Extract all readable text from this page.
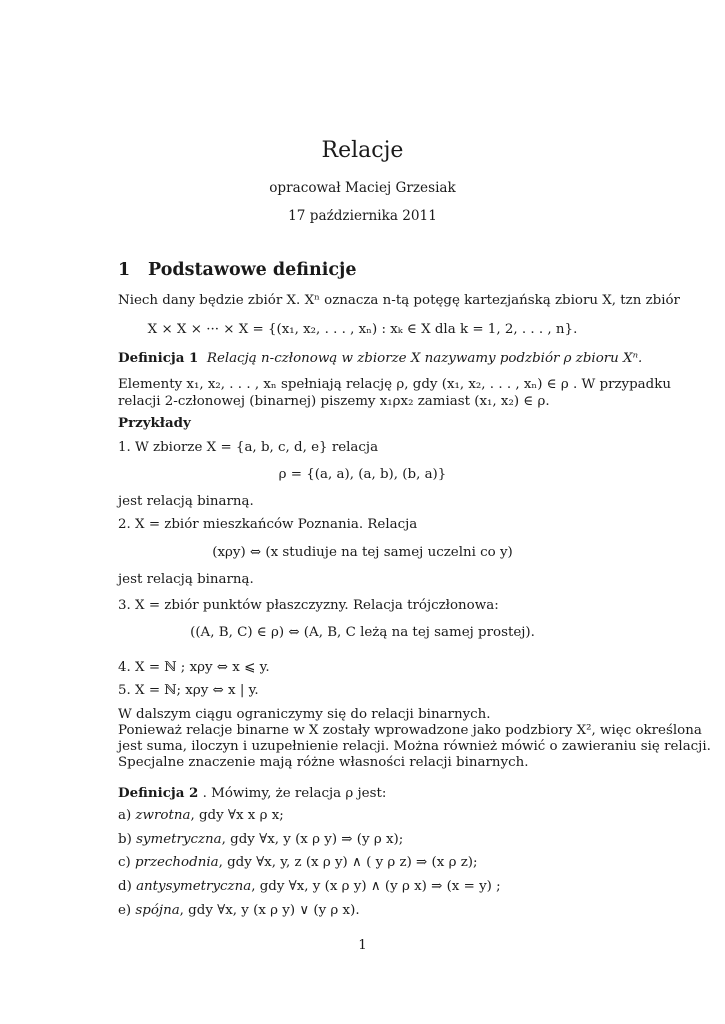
Relacje
opracował Maciej Grzesiak
17 października 2011
1 Podstawowe definicje
Niech dany będzie zbiór X. Xⁿ oznacza n-tą potęgę kartezjańską zbioru X, tzn zbiór
X × X × ··· × X = {(x₁, x₂, . . . , xₙ) : xₖ ∈ X dla k = 1, 2, . . . , n}.
Definicja 1 Relacją n-członową w zbiorze X nazywamy podzbiór ρ zbioru Xⁿ.
Elementy x₁, x₂, . . . , xₙ spełniają relację ρ, gdy (x₁, x₂, . . . , xₙ) ∈ ρ . W przypadku
relacji 2-członowej (binarnej) piszemy x₁ρx₂ zamiast (x₁, x₂) ∈ ρ.
Przykłady
1. W zbiorze X = {a, b, c, d, e} relacja
ρ = {(a, a), (a, b), (b, a)}
jest relacją binarną.
2. X = zbiór mieszkańców Poznania. Relacja
(xρy) ⇔ (x studiuje na tej samej uczelni co y)
jest relacją binarną.
3. X = zbiór punktów płaszczyzny. Relacja trójczłonowa:
((A, B, C) ∈ ρ) ⇔ (A, B, C leżą na tej samej prostej).
4. X = ℕ ; xρy ⇔ x ⩽ y.
5. X = ℕ; xρy ⇔ x | y.
W dalszym ciągu ograniczymy się do relacji binarnych.
Ponieważ relacje binarne w X zostały wprowadzone jako podzbiory X², więc określona
jest suma, iloczyn i uzupełnienie relacji. Można również mówić o zawieraniu się relacji.
Specjalne znaczenie mają różne własności relacji binarnych.
Definicja 2 . Mówimy, że relacja ρ jest:
a) zwrotna, gdy ∀x x ρ x;
b) symetryczna, gdy ∀x, y (x ρ y) ⇒ (y ρ x);
c) przechodnia, gdy ∀x, y, z (x ρ y) ∧ ( y ρ z) ⇒ (x ρ z);
d) antysymetryczna, gdy ∀x, y (x ρ y) ∧ (y ρ x) ⇒ (x = y) ;
e) spójna, gdy ∀x, y (x ρ y) ∨ (y ρ x).
1
